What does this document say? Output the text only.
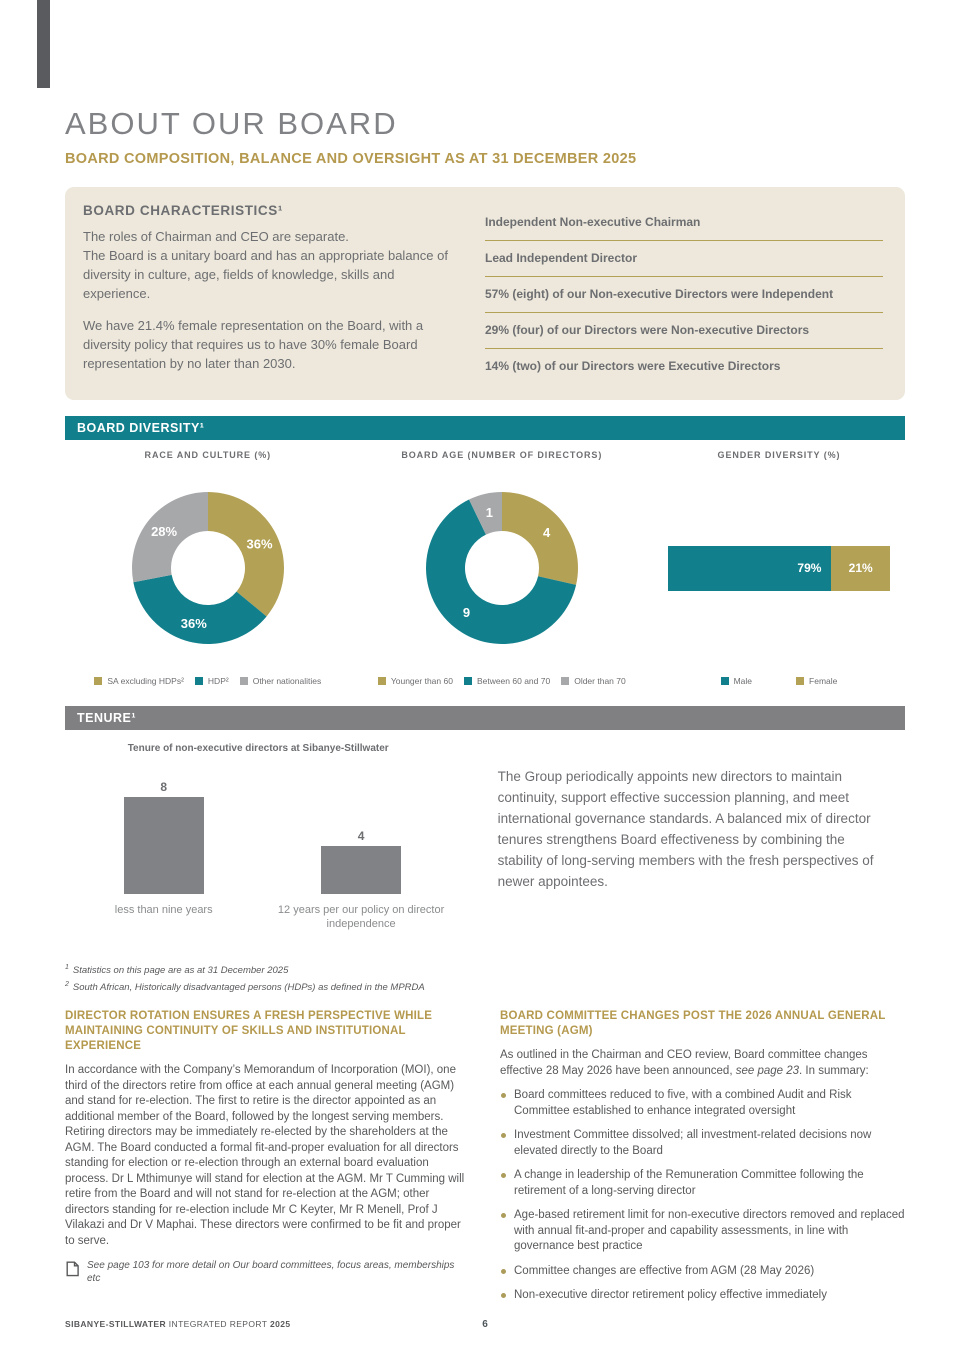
ABOUT OUR BOARD
BOARD COMPOSITION, BALANCE AND OVERSIGHT AS AT 31 DECEMBER 2025
BOARD CHARACTERISTICS¹

The roles of Chairman and CEO are separate.
The Board is a unitary board and has an appropriate balance of diversity in culture, age, fields of knowledge, skills and experience.

We have 21.4% female representation on the Board, with a diversity policy that requires us to have 30% female Board representation by no later than 2030.

Independent Non-executive Chairman
Lead Independent Director
57% (eight) of our Non-executive Directors were Independent
29% (four) of our Directors were Non-executive Directors
14% (two) of our Directors were Executive Directors
BOARD DIVERSITY¹
RACE AND CULTURE (%)
36%
36%
28%
SA excluding HDPs²	HDP²	Other nationalities
BOARD AGE (NUMBER OF DIRECTORS)
4
9
1
Younger than 60	Between 60 and 70	Older than 70
GENDER DIVERSITY (%)
79% 21%
Male	Female
TENURE¹
Tenure of non-executive directors at Sibanye-Stillwater
8
less than nine years
4
12 years per our policy on director independence

The Group periodically appoints new directors to maintain continuity, support effective succession planning, and meet international governance standards. A balanced mix of director tenures strengthens Board effectiveness by combining the stability of long-serving members with the fresh perspectives of newer appointees.

$^1$ Statistics on this page are as at 31 December 2025
$^2$ South African, Historically disadvantaged persons (HDPs) as defined in the MPRDA
DIRECTOR ROTATION ENSURES A FRESH PERSPECTIVE WHILE MAINTAINING CONTINUITY OF SKILLS AND INSTITUTIONAL EXPERIENCE

In accordance with the Company’s Memorandum of Incorporation (MOI), one third of the directors retire from office at each annual general meeting (AGM) and stand for re-election. The first to retire is the director appointed as an additional member of the Board, followed by the longest serving members. Retiring directors may be immediately re-elected by the shareholders at the AGM. The Board conducted a formal fit-and-proper evaluation for all directors standing for election or re-election through an external board evaluation process. Dr L Mthimunye will stand for election at the AGM. Mr T Cumming will retire from the Board and will not stand for re-election at the AGM; other directors standing for re-election include Mr C Keyter, Mr R Menell, Prof J Vilakazi and Dr V Maphai. These directors were confirmed to be fit and proper to serve.

See page 103 for more detail on Our board committees, focus areas, memberships etc
BOARD COMMITTEE CHANGES POST THE 2026 ANNUAL GENERAL MEETING (AGM)

As outlined in the Chairman and CEO review, Board committee changes effective 28 May 2026 have been announced, see page 23. In summary:

Board committees reduced to five, with a combined Audit and Risk Committee established to enhance integrated oversight
Investment Committee dissolved; all investment-related decisions now elevated directly to the Board
A change in leadership of the Remuneration Committee following the retirement of a long-serving director
Age-based retirement limit for non-executive directors removed and replaced with annual fit-and-proper and capability assessments, in line with governance best practice
Committee changes are effective from AGM (28 May 2026)
Non-executive director retirement policy effective immediately
SIBANYE-STILLWATER INTEGRATED REPORT 2025	6
